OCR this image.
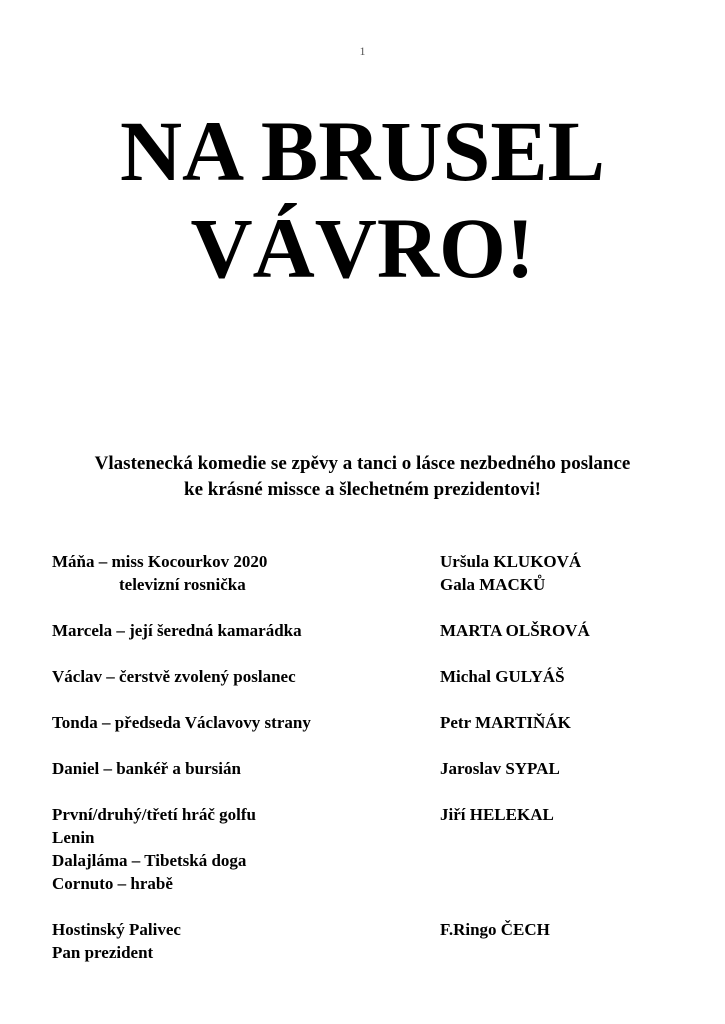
1
NA BRUSEL
VÁVRO!
Vlastenecká komedie se zpěvy a tanci o lásce nezbedného poslance
ke krásné missce a šlechetném prezidentovi!
Máňa – miss Kocourkov 2020	Uršula KLUKOVÁ
televizní rosnička	Gala MACKŮ
Marcela – její šeredná kamarádka	MARTA OLŠROVÁ
Václav – čerstvě zvolený poslanec	Michal GULYÁŠ
Tonda – předseda Václavovy strany	Petr MARTIŇÁK
Daniel – bankéř a bursián	Jaroslav SYPAL
První/druhý/třetí hráč golfu	Jiří HELEKAL
Lenin
Dalajláma – Tibetská doga
Cornuto – hrabě
Hostinský Palivec	F.Ringo ČECH
Pan prezident
